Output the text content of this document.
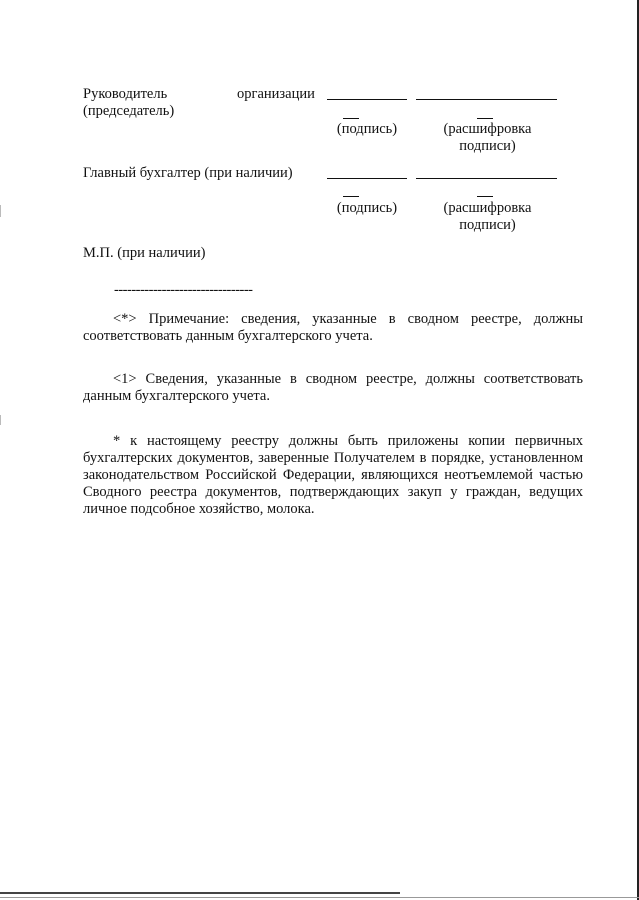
Руководитель	организации
(председатель)
(подпись)	(расшифровка
подписи)
Главный бухгалтер (при наличии)
(подпись)	(расшифровка
подписи)
М.П. (при наличии)
--------------------------------
<*> Примечание: сведения, указанные в сводном реестре, должны соответствовать данным бухгалтерского учета.
<1> Сведения, указанные в сводном реестре, должны соответствовать данным бухгалтерского учета.
* к настоящему реестру должны быть приложены копии первичных бухгалтерских документов, заверенные Получателем в порядке, установленном законодательством Российской Федерации, являющихся неотъемлемой частью Сводного реестра документов, подтверждающих закуп у граждан, ведущих личное подсобное хозяйство, молока.
